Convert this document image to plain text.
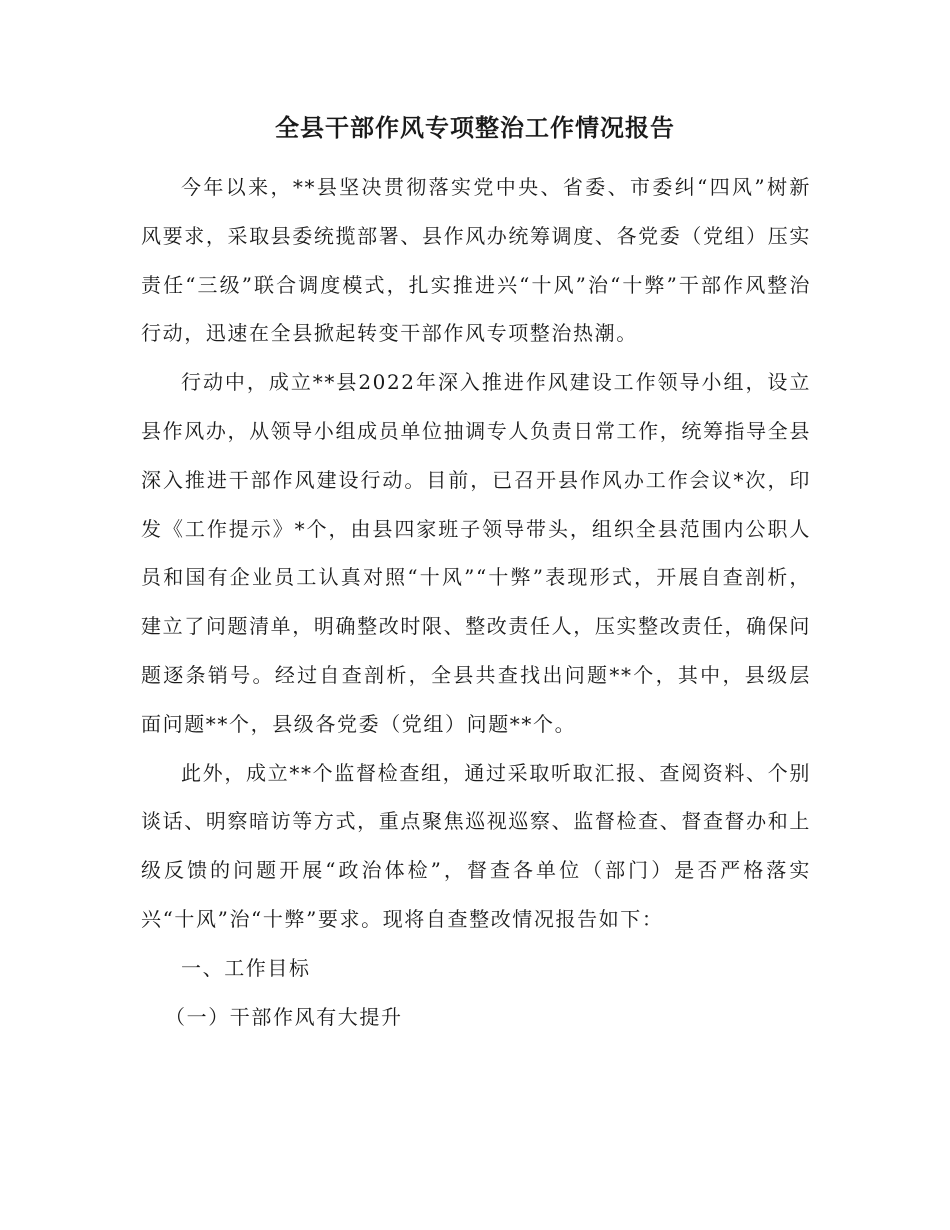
全县干部作风专项整治工作情况报告

今年以来，**县坚决贯彻落实党中央、省委、市委纠“四风”树新风要求，采取县委统揽部署、县作风办统筹调度、各党委（党组）压实责任“三级”联合调度模式，扎实推进兴“十风”治“十弊”干部作风整治行动，迅速在全县掀起转变干部作风专项整治热潮。

行动中，成立**县2022年深入推进作风建设工作领导小组，设立县作风办，从领导小组成员单位抽调专人负责日常工作，统筹指导全县深入推进干部作风建设行动。目前，已召开县作风办工作会议*次，印发《工作提示》*个，由县四家班子领导带头，组织全县范围内公职人员和国有企业员工认真对照“十风”“十弊”表现形式，开展自查剖析，建立了问题清单，明确整改时限、整改责任人，压实整改责任，确保问题逐条销号。经过自查剖析，全县共查找出问题**个，其中，县级层面问题**个，县级各党委（党组）问题**个。

此外，成立**个监督检查组，通过采取听取汇报、查阅资料、个别谈话、明察暗访等方式，重点聚焦巡视巡察、监督检查、督查督办和上级反馈的问题开展“政治体检”，督查各单位（部门）是否严格落实兴“十风”治“十弊”要求。现将自查整改情况报告如下：

一、工作目标

（一）干部作风有大提升
